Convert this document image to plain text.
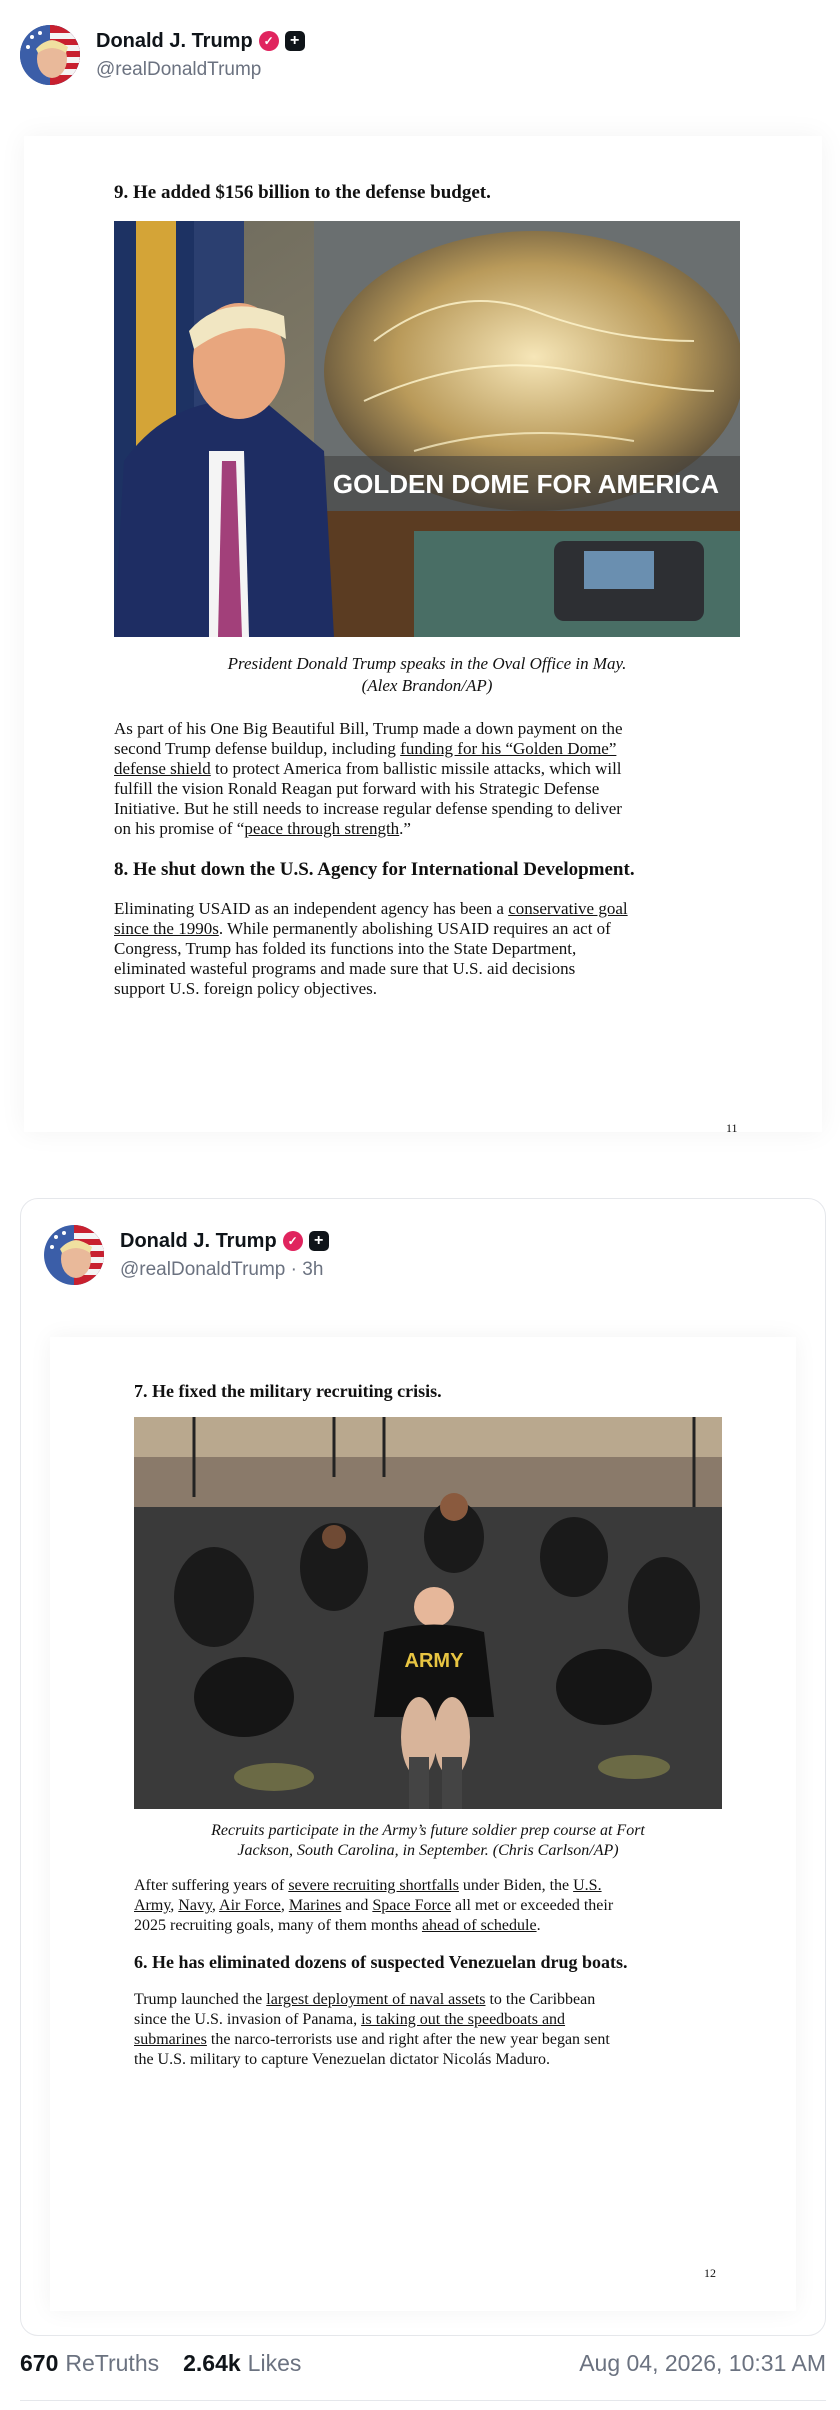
Donald J. Trump ✓	+
@realDonaldTrump
9. He added $156 billion to the defense budget.
GOLDEN DOME FOR AMERICA
President Donald Trump speaks in the Oval Office in May.
(Alex Brandon/AP)
As part of his One Big Beautiful Bill, Trump made a down payment on the
second Trump defense buildup, including funding for his “Golden Dome”
defense shield to protect America from ballistic missile attacks, which will
fulfill the vision Ronald Reagan put forward with his Strategic Defense
Initiative. But he still needs to increase regular defense spending to deliver
on his promise of “peace through strength.”
8. He shut down the U.S. Agency for International Development.
Eliminating USAID as an independent agency has been a conservative goal
since the 1990s. While permanently abolishing USAID requires an act of
Congress, Trump has folded its functions into the State Department,
eliminated wasteful programs and made sure that U.S. aid decisions
support U.S. foreign policy objectives.
11
Donald J. Trump ✓	+
@realDonaldTrump · 3h
7. He fixed the military recruiting crisis.
ARMY
Recruits participate in the Army’s future soldier prep course at Fort
Jackson, South Carolina, in September. (Chris Carlson/AP)
After suffering years of severe recruiting shortfalls under Biden, the U.S.
Army, Navy, Air Force, Marines and Space Force all met or exceeded their
2025 recruiting goals, many of them months ahead of schedule.
6. He has eliminated dozens of suspected Venezuelan drug boats.
Trump launched the largest deployment of naval assets to the Caribbean
since the U.S. invasion of Panama, is taking out the speedboats and
submarines the narco-terrorists use and right after the new year began sent
the U.S. military to capture Venezuelan dictator Nicolás Maduro.
12
670 ReTruths 2.64k Likes	Aug 04, 2026, 10:31 AM
